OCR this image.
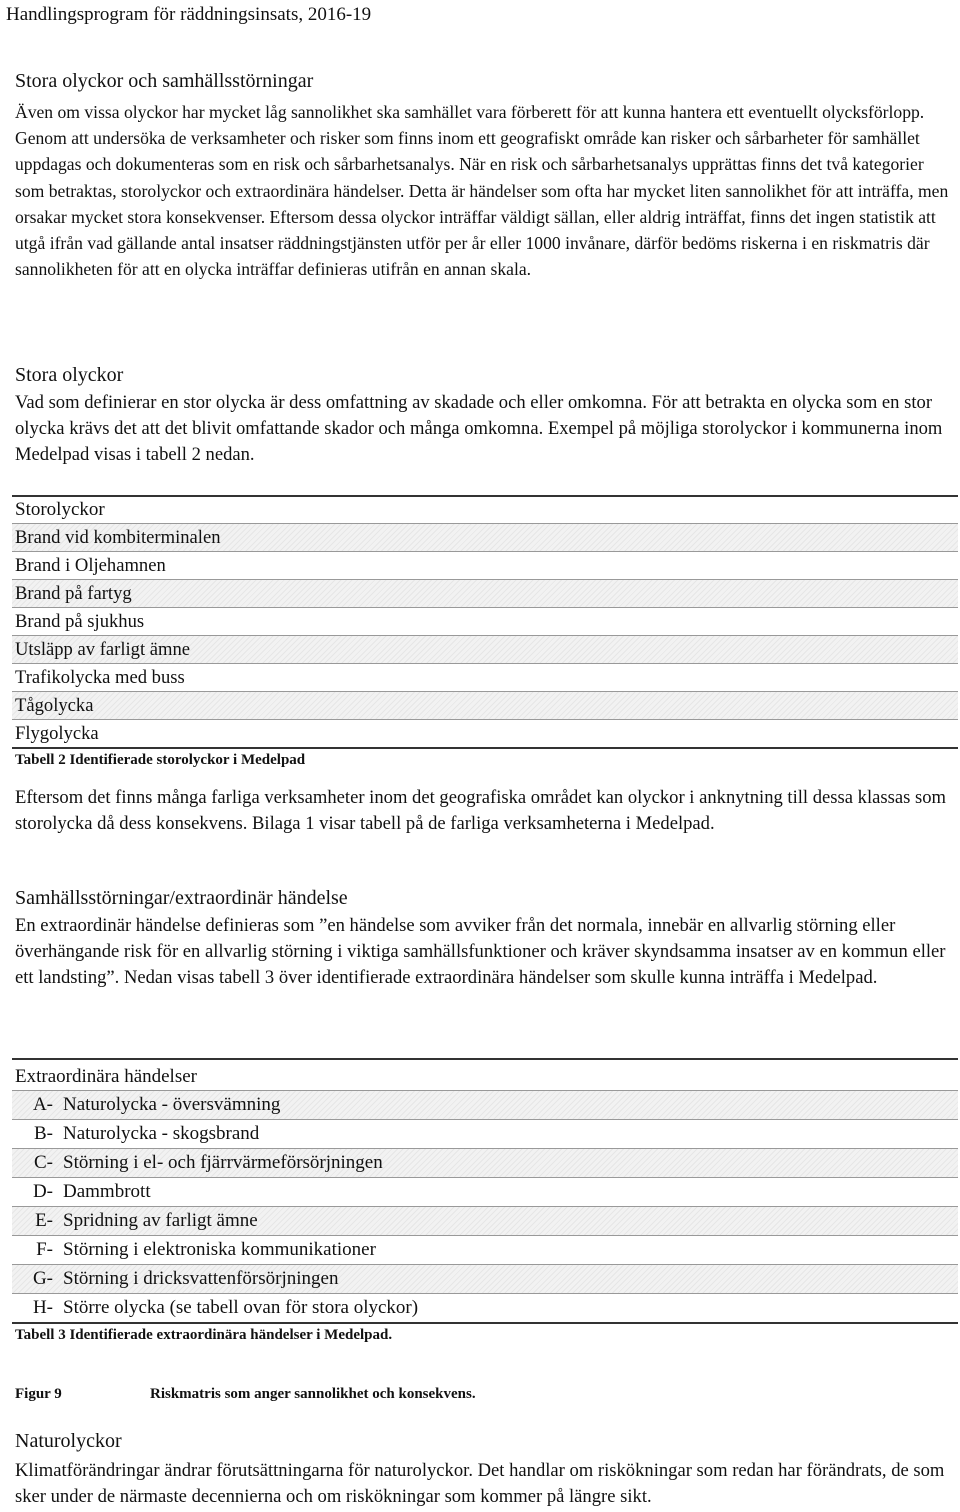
Handlingsprogram för räddningsinsats, 2016-19
Stora olyckor och samhällsstörningar

Även om vissa olyckor har mycket låg sannolikhet ska samhället vara förberett för att kunna hantera ett eventuellt olycksförlopp. Genom att undersöka de verksamheter och risker som finns inom ett geografiskt område kan risker och sårbarheter för samhället uppdagas och dokumenteras som en risk och sårbarhetsanalys. När en risk och sårbarhetsanalys upprättas finns det två kategorier som betraktas, storolyckor och extraordinära händelser. Detta är händelser som ofta har mycket liten sannolikhet för att inträffa, men orsakar mycket stora konsekvenser. Eftersom dessa olyckor inträffar väldigt sällan, eller aldrig inträffat, finns det ingen statistik att utgå ifrån vad gällande antal insatser räddningstjänsten utför per år eller 1000 invånare, därför bedöms riskerna i en riskmatris där sannolikheten för att en olycka inträffar definieras utifrån en annan skala.

Stora olyckor

Vad som definierar en stor olycka är dess omfattning av skadade och eller omkomna. För att betrakta en olycka som en stor olycka krävs det att det blivit omfattande skador och många omkomna. Exempel på möjliga storolyckor i kommunerna inom Medelpad visas i tabell 2 nedan.

Storolyckor
Brand vid kombiterminalen
Brand i Oljehamnen
Brand på fartyg
Brand på sjukhus
Utsläpp av farligt ämne
Trafikolycka med buss
Tågolycka
Flygolycka
Tabell 2 Identifierade storolyckor i Medelpad

Eftersom det finns många farliga verksamheter inom det geografiska området kan olyckor i anknytning till dessa klassas som storolycka då dess konsekvens. Bilaga 1 visar tabell på de farliga verksamheterna i Medelpad.

Samhällsstörningar/extraordinär händelse

En extraordinär händelse definieras som ”en händelse som avviker från det normala, innebär en allvarlig störning eller överhängande risk för en allvarlig störning i viktiga samhällsfunktioner och kräver skyndsamma insatser av en kommun eller ett landsting”. Nedan visas tabell 3 över identifierade extraordinära händelser som skulle kunna inträffa i Medelpad.

Extraordinära händelser
A- Naturolycka - översvämning
B- Naturolycka - skogsbrand
C- Störning i el- och fjärrvärmeförsörjningen
D- Dammbrott
E- Spridning av farligt ämne
F- Störning i elektroniska kommunikationer
G- Störning i dricksvattenförsörjningen
H- Större olycka (se tabell ovan för stora olyckor)
Tabell 3 Identifierade extraordinära händelser i Medelpad.
Figur 9	Riskmatris som anger sannolikhet och konsekvens.
Naturolyckor

Klimatförändringar ändrar förutsättningarna för naturolyckor. Det handlar om riskökningar som redan har förändrats, de som sker under de närmaste decennierna och om riskökningar som kommer på längre sikt.
